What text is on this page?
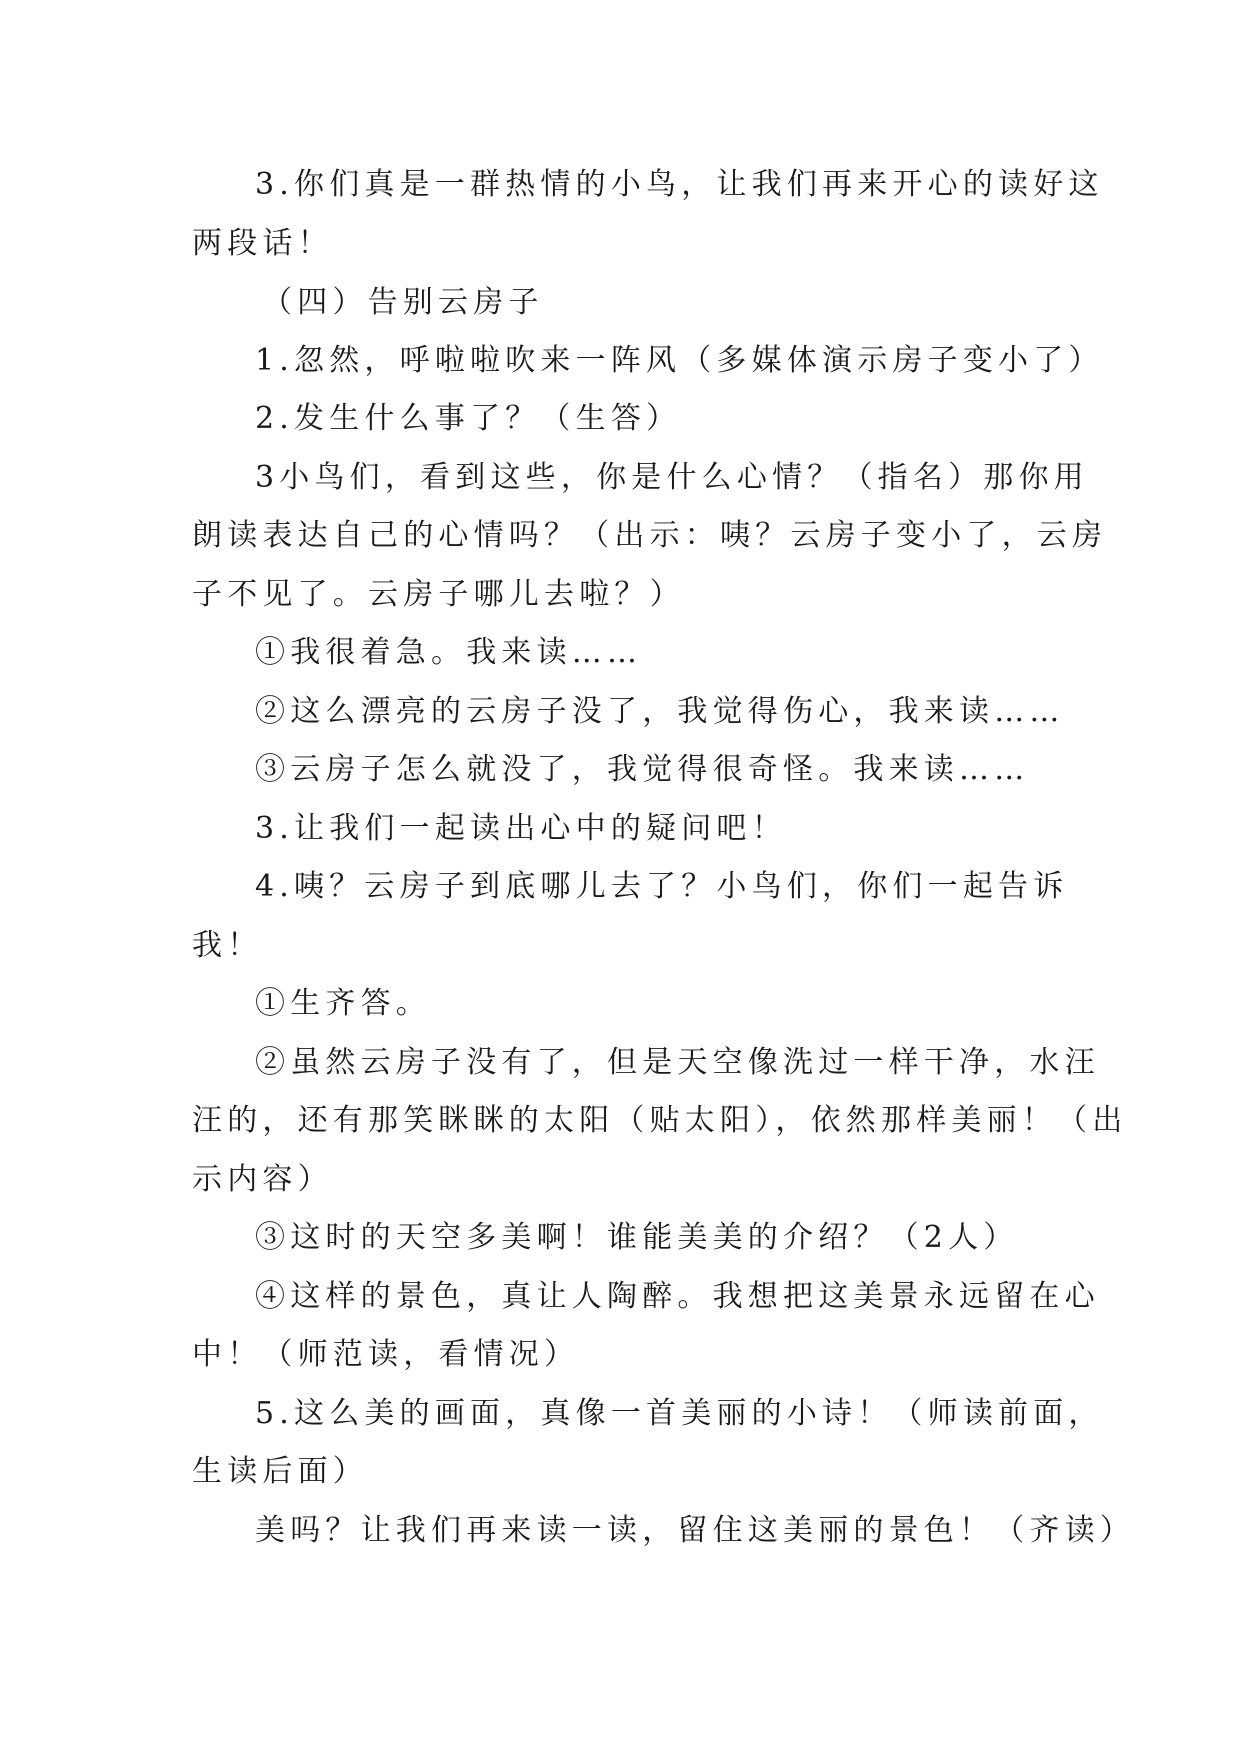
3.你们真是一群热情的小鸟，让我们再来开心的读好这
两段话！
（四）告别云房子
1.忽然，呼啦啦吹来一阵风（多媒体演示房子变小了）
2.发生什么事了？（生答）
3小鸟们，看到这些，你是什么心情？（指名）那你用
朗读表达自己的心情吗？（出示：咦？云房子变小了，云房
子不见了。云房子哪儿去啦？）
①我很着急。我来读……
②这么漂亮的云房子没了，我觉得伤心，我来读……
③云房子怎么就没了，我觉得很奇怪。我来读……
3.让我们一起读出心中的疑问吧！
4.咦？云房子到底哪儿去了？小鸟们，你们一起告诉
我！
①生齐答。
②虽然云房子没有了，但是天空像洗过一样干净，水汪
汪的，还有那笑眯眯的太阳（贴太阳），依然那样美丽！（出
示内容）
③这时的天空多美啊！谁能美美的介绍？（2人）
④这样的景色，真让人陶醉。我想把这美景永远留在心
中！（师范读，看情况）
5.这么美的画面，真像一首美丽的小诗！（师读前面，
生读后面）
美吗？让我们再来读一读，留住这美丽的景色！（齐读）
